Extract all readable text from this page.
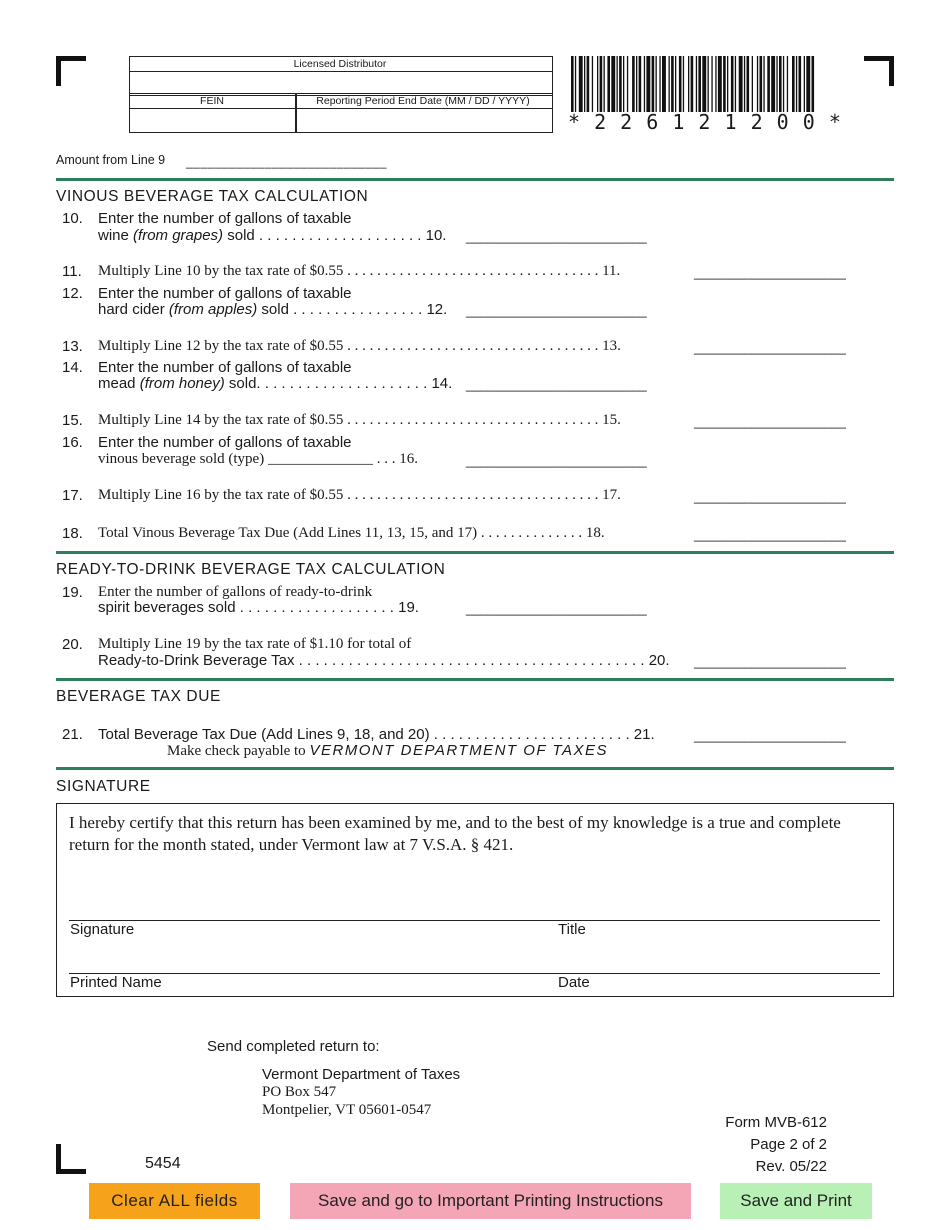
Licensed Distributor
FEIN	Reporting Period End Date (MM / DD / YYYY)
* 2 2 6 1 2 1 2 0 0 *
Amount from Line 9 ____________________________
VINOUS BEVERAGE TAX CALCULATION
10. Enter the number of gallons of taxable
wine (from grapes) sold . . . . . . . . . . . . . . . . . . . . 10. _________________________
11. Multiply Line 10 by the tax rate of $0.55 . . . . . . . . . . . . . . . . . . . . . . . . . . . . . . . . . . 11.	_____________________
12. Enter the number of gallons of taxable
hard cider (from apples) sold . . . . . . . . . . . . . . . . 12. _________________________
13. Multiply Line 12 by the tax rate of $0.55 . . . . . . . . . . . . . . . . . . . . . . . . . . . . . . . . . . 13.	_____________________
14. Enter the number of gallons of taxable
mead (from honey) sold. . . . . . . . . . . . . . . . . . . . . 14. _________________________
15. Multiply Line 14 by the tax rate of $0.55 . . . . . . . . . . . . . . . . . . . . . . . . . . . . . . . . . . 15.	_____________________
16. Enter the number of gallons of taxable
vinous beverage sold (type) ______________ . . . 16.	_________________________
17. Multiply Line 16 by the tax rate of $0.55 . . . . . . . . . . . . . . . . . . . . . . . . . . . . . . . . . . 17.	_____________________
18. Total Vinous Beverage Tax Due (Add Lines 11, 13, 15, and 17) . . . . . . . . . . . . . . 18.	_____________________
READY-TO-DRINK BEVERAGE TAX CALCULATION
19. Enter the number of gallons of ready-to-drink
spirit beverages sold . . . . . . . . . . . . . . . . . . . 19.	_________________________
20. Multiply Line 19 by the tax rate of $1.10 for total of
Ready-to-Drink Beverage Tax . . . . . . . . . . . . . . . . . . . . . . . . . . . . . . . . . . . . . . . . . . 20. _____________________
BEVERAGE TAX DUE
21. Total Beverage Tax Due (Add Lines 9, 18, and 20) . . . . . . . . . . . . . . . . . . . . . . . . 21.	_____________________
Make check payable to VERMONT DEPARTMENT OF TAXES
SIGNATURE
I hereby certify that this return has been examined by me, and to the best of my knowledge is a true and complete return for the month stated, under Vermont law at 7 V.S.A. § 421.
Signature	Title
Printed Name	Date
Send completed return to:
Vermont Department of Taxes
PO Box 547
Montpelier, VT 05601-0547
Form MVB-612
Page 2 of 2
Rev. 05/22
5454
Clear ALL fields	Save and go to Important Printing Instructions	Save and Print
